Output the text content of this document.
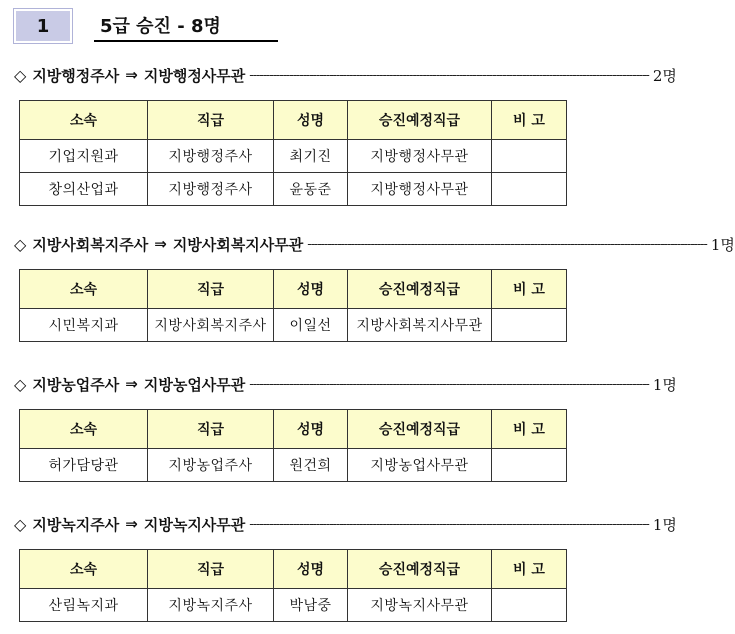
1	5급 승진 - 8명
◇ 지방행정주사 ⇒ 지방행정사무관 ------------------------------------------------------------------------------------------------------------------------ 2명
소속	직급	성명	승진예정직급	비 고
기업지원과	지방행정주사	최기진	지방행정사무관	
창의산업과	지방행정주사	윤동준	지방행정사무관	
◇ 지방사회복지주사 ⇒ 지방사회복지사무관 ------------------------------------------------------------------------------------------------------------------------ 1명
소속	직급	성명	승진예정직급	비 고
시민복지과	지방사회복지주사	이일선	지방사회복지사무관	
◇ 지방농업주사 ⇒ 지방농업사무관 ------------------------------------------------------------------------------------------------------------------------ 1명
소속	직급	성명	승진예정직급	비 고
허가담당관	지방농업주사	원건희	지방농업사무관	
◇ 지방녹지주사 ⇒ 지방녹지사무관 ------------------------------------------------------------------------------------------------------------------------ 1명
소속	직급	성명	승진예정직급	비 고
산림녹지과	지방녹지주사	박남중	지방녹지사무관	
